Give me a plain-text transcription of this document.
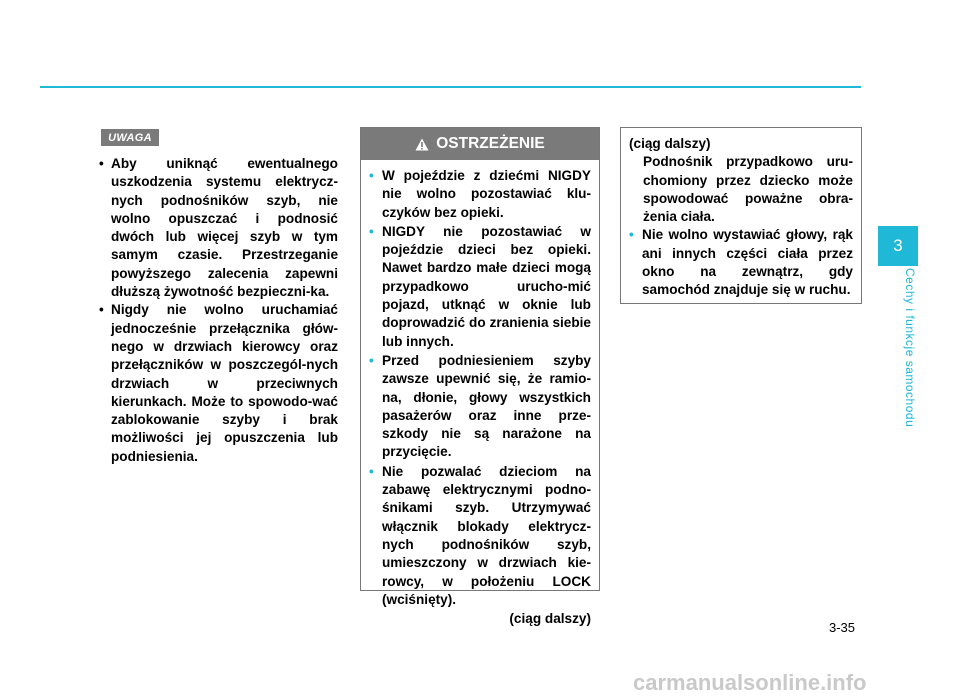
3
Cechy i funkcje samochodu
UWAGA
• Aby uniknąć ewentualnego uszkodzenia systemu elektrycz-nych podnośników szyb, nie wolno opuszczać i podnosić dwóch lub więcej szyb w tym samym czasie. Przestrzeganie powyższego zalecenia zapewni dłuższą żywotność bezpieczni-ka.
• Nigdy nie wolno uruchamiać jednocześnie przełącznika głów-nego w drzwiach kierowcy oraz przełączników w poszczegól-nych drzwiach w przeciwnych kierunkach. Może to spowodo-wać zablokowanie szyby i brak możliwości jej opuszczenia lub podniesienia.
OSTRZEŻENIE
• W pojeździe z dziećmi NIGDY nie wolno pozostawiać klu-czyków bez opieki.
• NIGDY nie pozostawiać w pojeździe dzieci bez opieki. Nawet bardzo małe dzieci mogą przypadkowo urucho-mić pojazd, utknąć w oknie lub doprowadzić do zranienia siebie lub innych.
• Przed podniesieniem szyby zawsze upewnić się, że ramio-na, dłonie, głowy wszystkich pasażerów oraz inne prze-szkody nie są narażone na przycięcie.
• Nie pozwalać dzieciom na zabawę elektrycznymi podno-śnikami szyb. Utrzymywać włącznik blokady elektrycz-nych podnośników szyb, umieszczony w drzwiach kie-rowcy, w położeniu LOCK (wciśnięty).
(ciąg dalszy)
(ciąg dalszy)
Podnośnik przypadkowo uru-chomiony przez dziecko może spowodować poważne obra-żenia ciała.
• Nie wolno wystawiać głowy, rąk ani innych części ciała przez okno na zewnątrz, gdy samochód znajduje się w ruchu.
3-35
carmanualsonline.info
